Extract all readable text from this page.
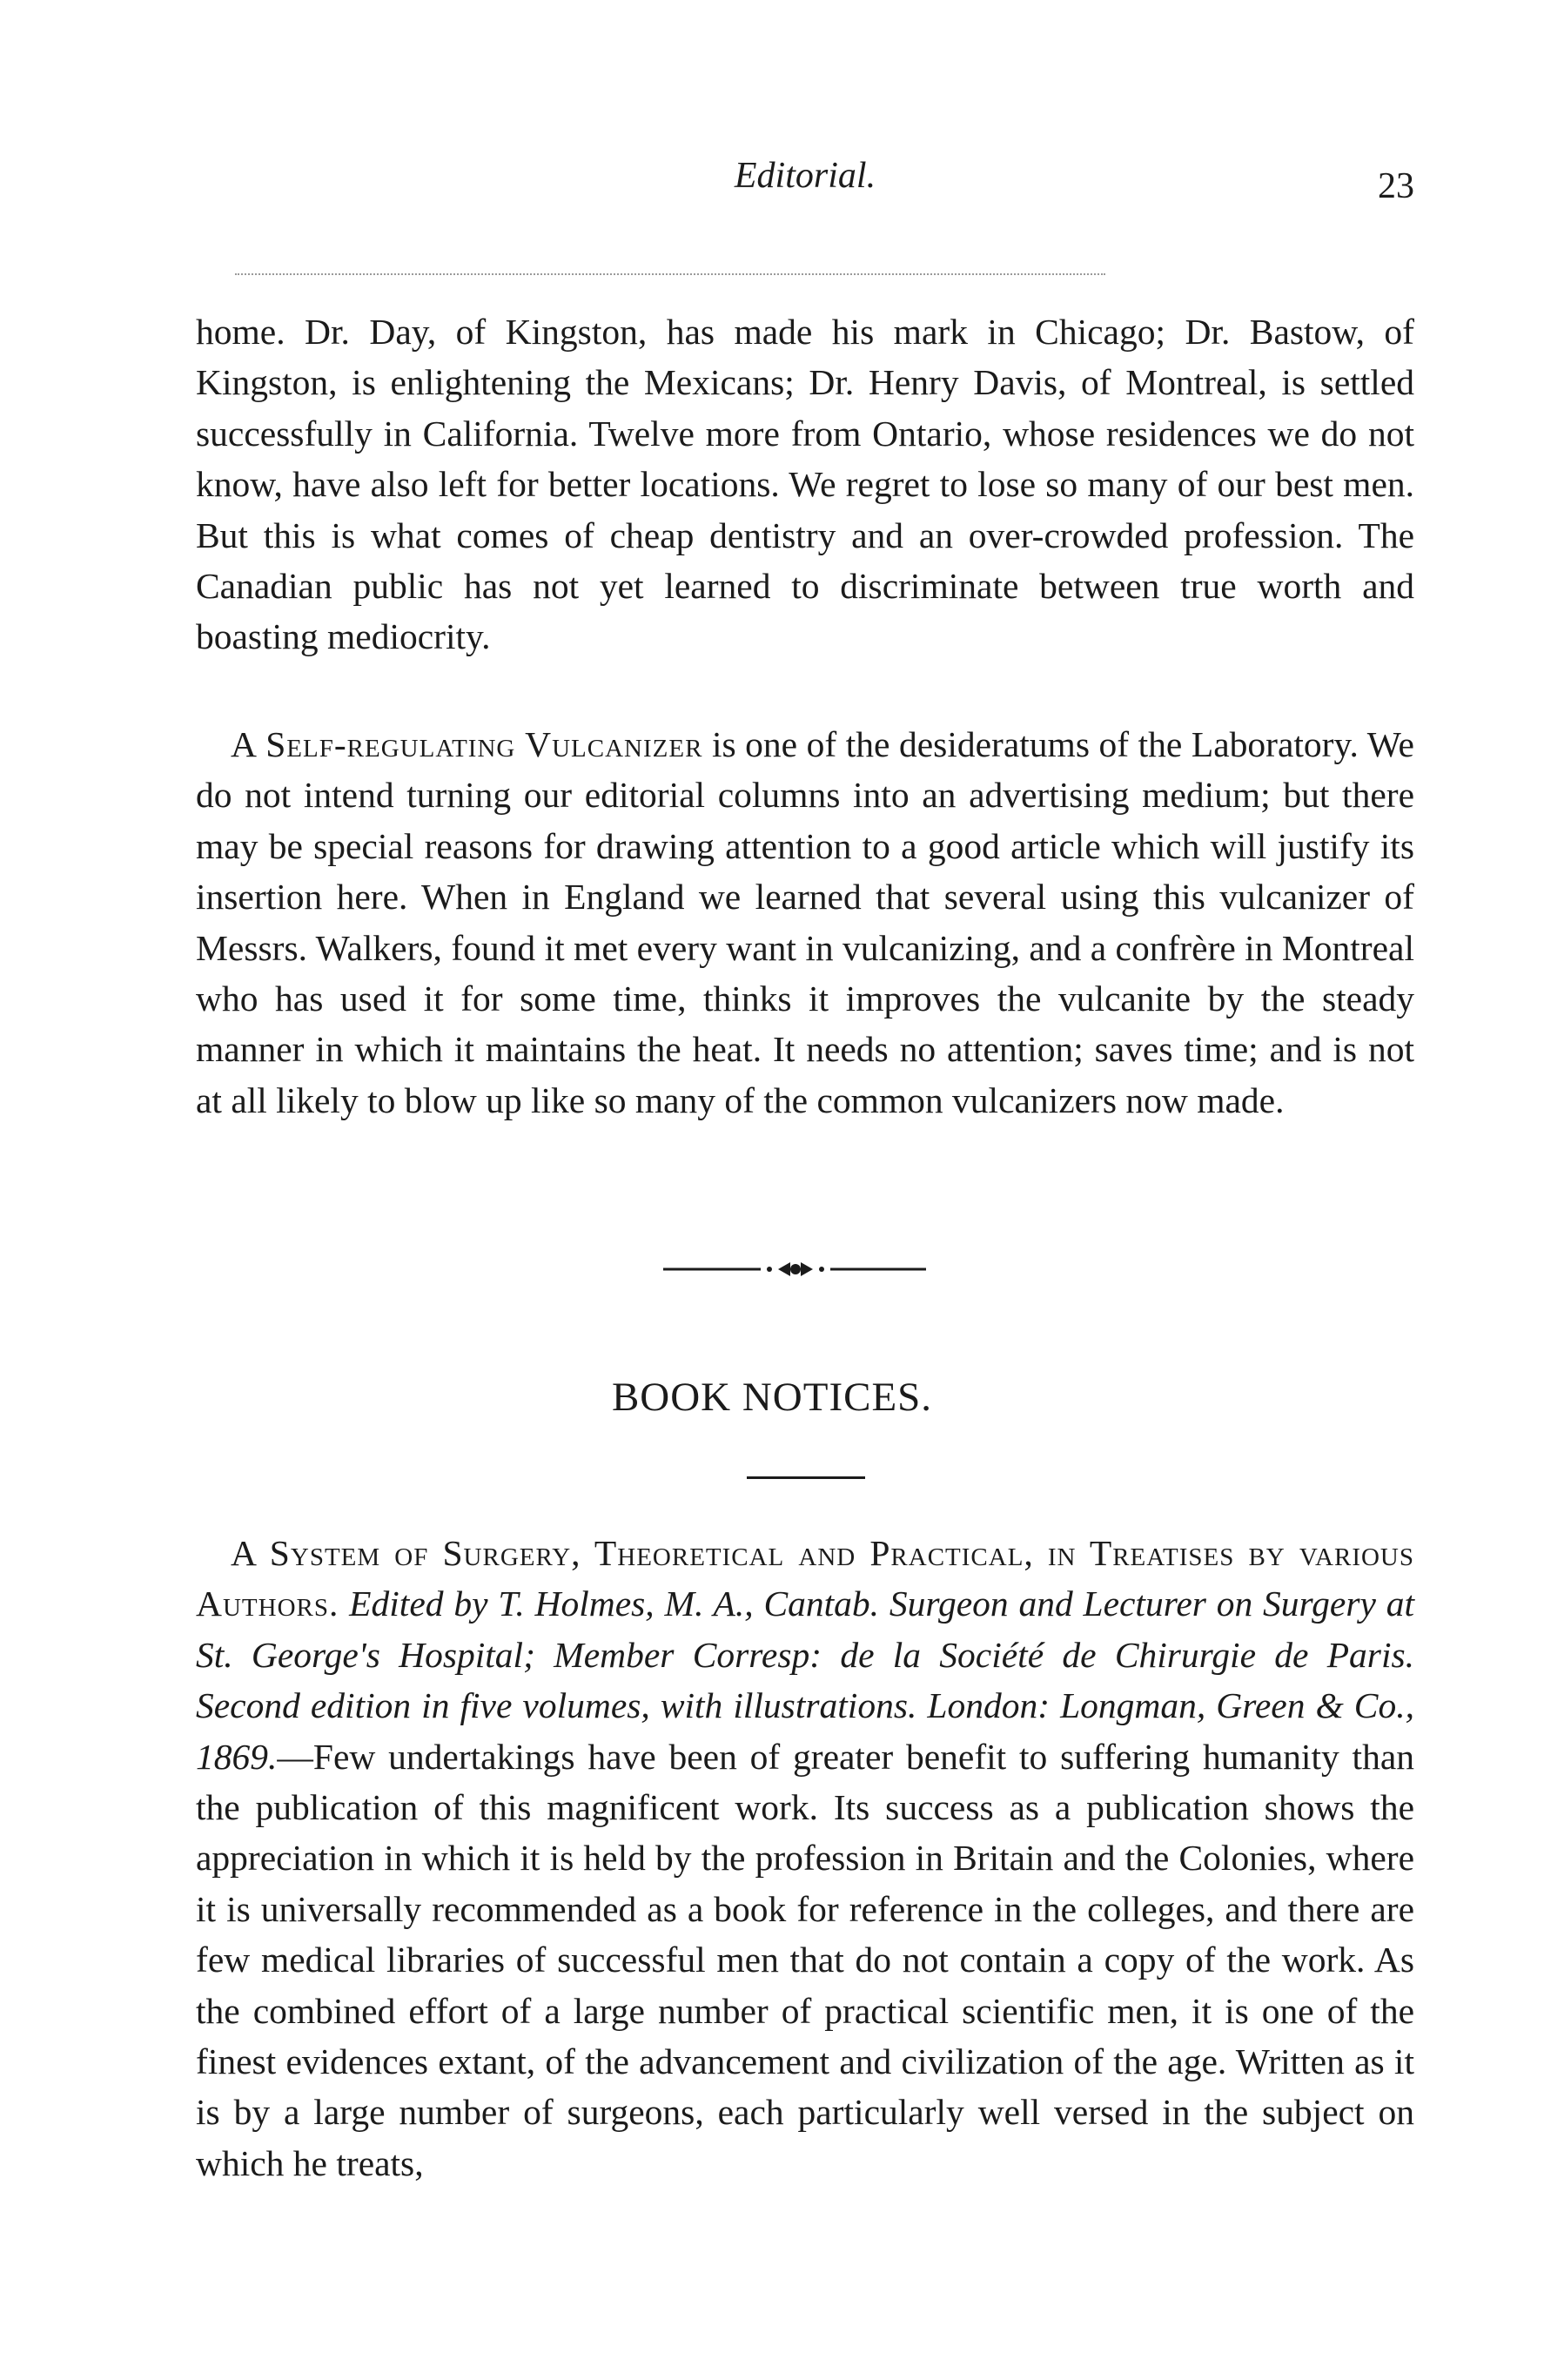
Editorial.	23

home. Dr. Day, of Kingston, has made his mark in Chicago; Dr. Bastow, of Kingston, is enlightening the Mexicans; Dr. Henry Davis, of Montreal, is settled successfully in California. Twelve more from Ontario, whose residences we do not know, have also left for better locations. We regret to lose so many of our best men. But this is what comes of cheap dentistry and an over-crowded profession. The Canadian public has not yet learned to discriminate between true worth and boasting mediocrity.

A Self-regulating Vulcanizer is one of the desideratums of the Laboratory. We do not intend turning our editorial columns into an advertising medium; but there may be special reasons for drawing attention to a good article which will justify its insertion here. When in England we learned that several using this vulcanizer of Messrs. Walkers, found it met every want in vulcanizing, and a confrère in Montreal who has used it for some time, thinks it improves the vulcanite by the steady manner in which it maintains the heat. It needs no attention; saves time; and is not at all likely to blow up like so many of the common vulcanizers now made.

BOOK NOTICES.

A System of Surgery, Theoretical and Practical, in Treatises by various Authors. Edited by T. Holmes, M. A., Cantab. Surgeon and Lecturer on Surgery at St. George's Hospital; Member Corresp: de la Société de Chirurgie de Paris. Second edition in five volumes, with illustrations. London: Longman, Green & Co., 1869.—Few undertakings have been of greater benefit to suffering humanity than the publication of this magnificent work. Its success as a publication shows the appreciation in which it is held by the profession in Britain and the Colonies, where it is universally recommended as a book for reference in the colleges, and there are few medical libraries of successful men that do not contain a copy of the work. As the combined effort of a large number of practical scientific men, it is one of the finest evidences extant, of the advancement and civilization of the age. Written as it is by a large number of surgeons, each particularly well versed in the subject on which he treats,
